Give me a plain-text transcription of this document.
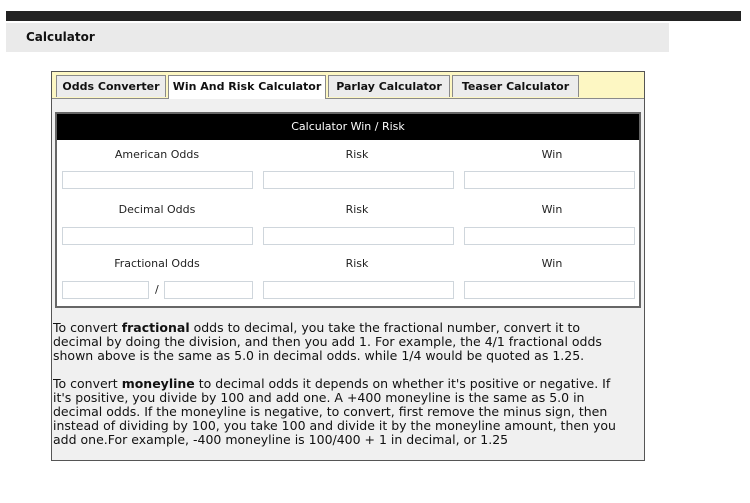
Calculator
Odds Converter	Win And Risk Calculator	Parlay Calculator	Teaser Calculator
Calculator Win / Risk
American Odds	Risk	Win
Decimal Odds	Risk	Win
Fractional Odds	Risk	Win
/

To convert fractional odds to decimal, you take the fractional number, convert it to decimal by doing the division, and then you add 1. For example, the 4/1 fractional odds shown above is the same as 5.0 in decimal odds. while 1/4 would be quoted as 1.25.

To convert moneyline to decimal odds it depends on whether it's positive or negative. If it's positive, you divide by 100 and add one. A +400 moneyline is the same as 5.0 in decimal odds. If the moneyline is negative, to convert, first remove the minus sign, then instead of dividing by 100, you take 100 and divide it by the moneyline amount, then you add one.For example, -400 moneyline is 100/400 + 1 in decimal, or 1.25
